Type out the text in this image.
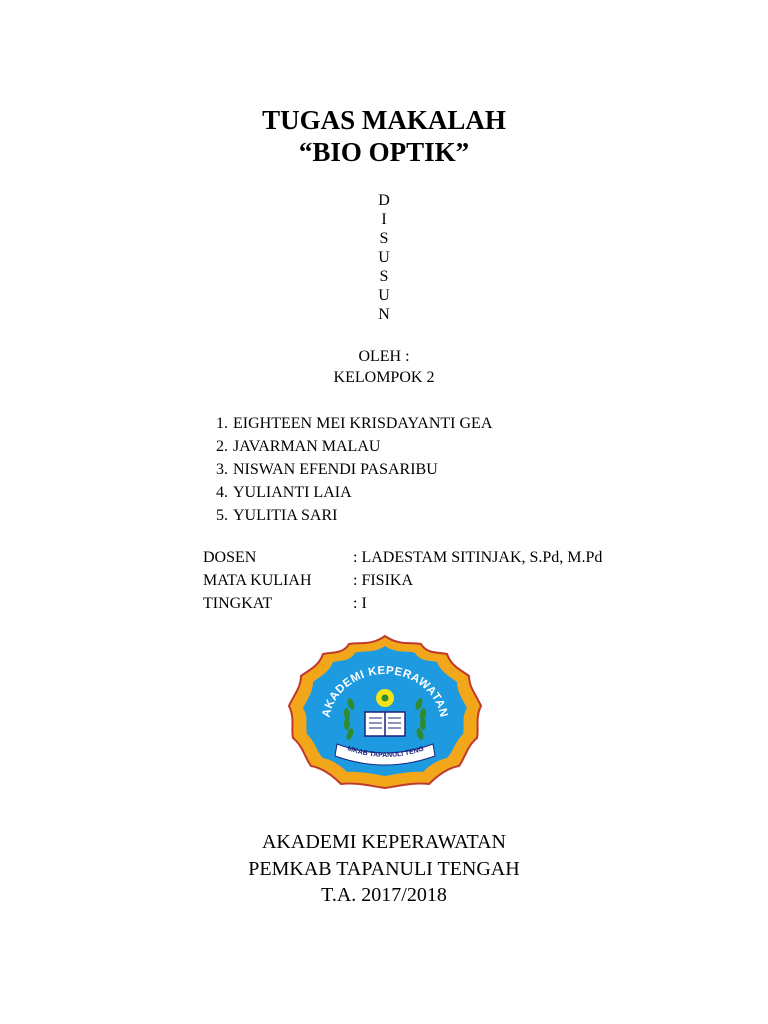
TUGAS MAKALAH
“BIO OPTIK”
D
I
S
U
S
U
N
OLEH :
KELOMPOK 2
1. EIGHTEEN MEI KRISDAYANTI GEA
2. JAVARMAN MALAU
3. NISWAN EFENDI PASARIBU
4. YULIANTI LAIA
5. YULITIA SARI
DOSEN	: LADESTAM SITINJAK, S.Pd, M.Pd
MATA KULIAH	: FISIKA
TINGKAT	: I
AKADEMI KEPERAWATAN
MKAB TAPANULI TENG
AKADEMI KEPERAWATAN
PEMKAB TAPANULI TENGAH
T.A. 2017/2018
